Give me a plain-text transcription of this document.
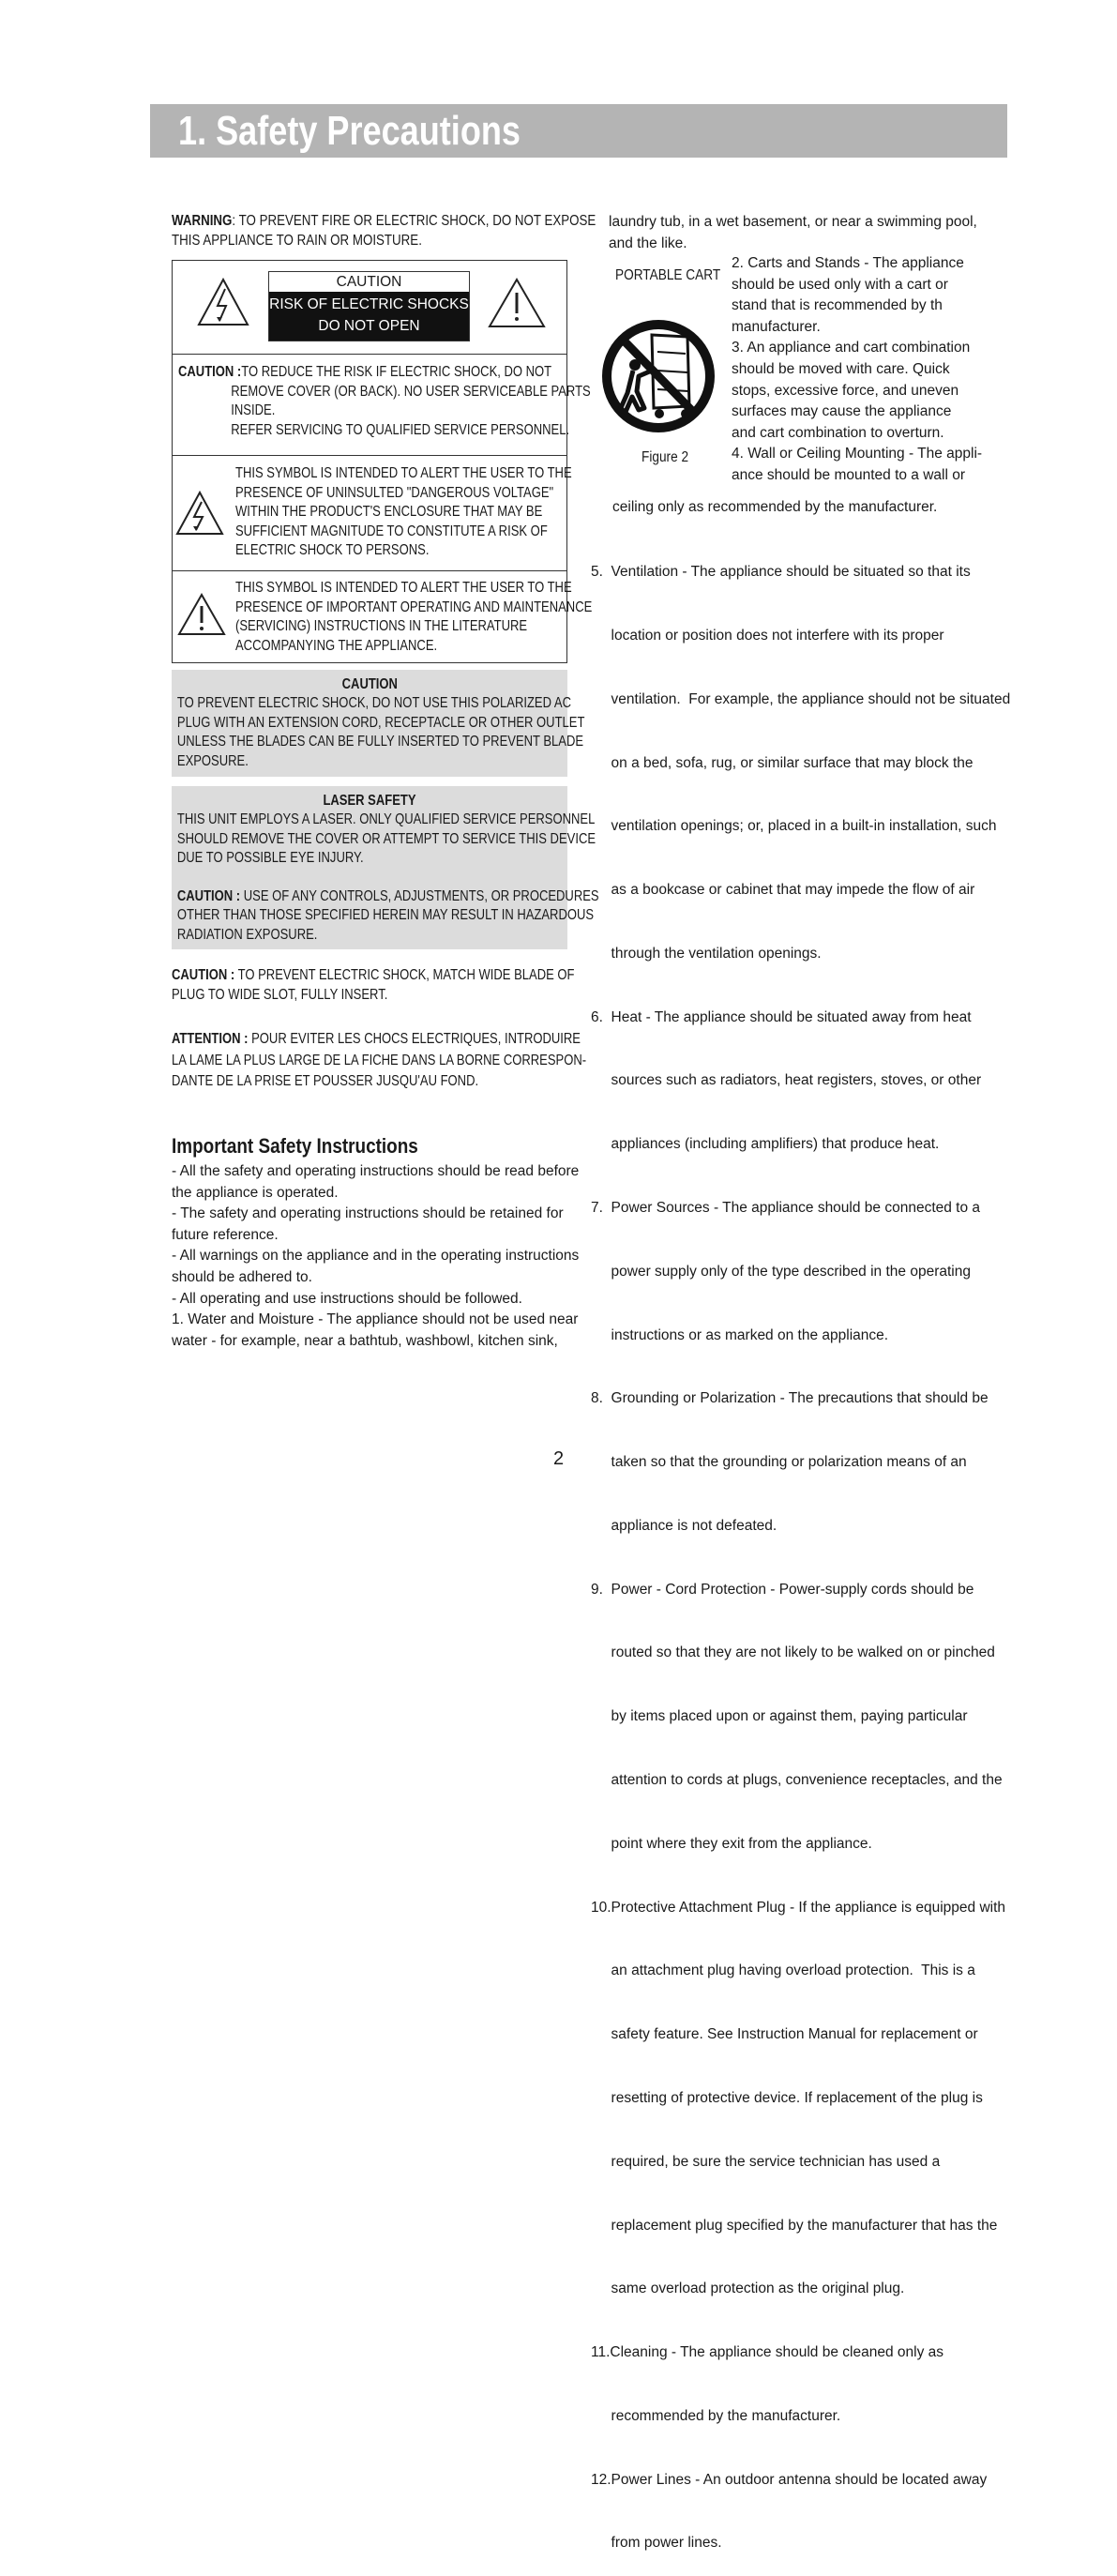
1. Safety Precautions
WARNING: TO PREVENT FIRE OR ELECTRIC SHOCK, DO NOT EXPOSE
THIS APPLIANCE TO RAIN OR MOISTURE.
CAUTION
RISK OF ELECTRIC SHOCKS
DO NOT OPEN
CAUTION :TO REDUCE THE RISK IF ELECTRIC SHOCK, DO NOT
REMOVE COVER (OR BACK). NO USER SERVICEABLE PARTS
INSIDE.
REFER SERVICING TO QUALIFIED SERVICE PERSONNEL.
THIS SYMBOL IS INTENDED TO ALERT THE USER TO THE
PRESENCE OF UNINSULTED "DANGEROUS VOLTAGE"
WITHIN THE PRODUCT'S ENCLOSURE THAT MAY BE
SUFFICIENT MAGNITUDE TO CONSTITUTE A RISK OF
ELECTRIC SHOCK TO PERSONS.
THIS SYMBOL IS INTENDED TO ALERT THE USER TO THE
PRESENCE OF IMPORTANT OPERATING AND MAINTENANCE
(SERVICING) INSTRUCTIONS IN THE LITERATURE
ACCOMPANYING THE APPLIANCE.
CAUTION
TO PREVENT ELECTRIC SHOCK, DO NOT USE THIS POLARIZED AC
PLUG WITH AN EXTENSION CORD, RECEPTACLE OR OTHER OUTLET
UNLESS THE BLADES CAN BE FULLY INSERTED TO PREVENT BLADE
EXPOSURE.
LASER SAFETY
THIS UNIT EMPLOYS A LASER. ONLY QUALIFIED SERVICE PERSONNEL
SHOULD REMOVE THE COVER OR ATTEMPT TO SERVICE THIS DEVICE
DUE TO POSSIBLE EYE INJURY.
CAUTION : USE OF ANY CONTROLS, ADJUSTMENTS, OR PROCEDURES
OTHER THAN THOSE SPECIFIED HEREIN MAY RESULT IN HAZARDOUS
RADIATION EXPOSURE.
CAUTION : TO PREVENT ELECTRIC SHOCK, MATCH WIDE BLADE OF
PLUG TO WIDE SLOT, FULLY INSERT.
ATTENTION : POUR EVITER LES CHOCS ELECTRIQUES, INTRODUIRE
LA LAME LA PLUS LARGE DE LA FICHE DANS LA BORNE CORRESPON-
DANTE DE LA PRISE ET POUSSER JUSQU'AU FOND.
Important Safety Instructions
- All the safety and operating instructions should be read before
the appliance is operated.
- The safety and operating instructions should be retained for
future reference.
- All warnings on the appliance and in the operating instructions
should be adhered to.
- All operating and use instructions should be followed.
1. Water and Moisture - The appliance should not be used near
water - for example, near a bathtub, washbowl, kitchen sink,
laundry tub, in a wet basement, or near a swimming pool,
and the like.
PORTABLE CART
Figure 2
2. Carts and Stands - The appliance
should be used only with a cart or
stand that is recommended by th
manufacturer.
3. An appliance and cart combination
should be moved with care. Quick
stops, excessive force, and uneven
surfaces may cause the appliance
and cart combination to overturn.
4. Wall or Ceiling Mounting - The appli-
ance should be mounted to a wall or
ceiling only as recommended by the manufacturer.

5.  Ventilation - The appliance should be situated so that its

location or position does not interfere with its proper

ventilation.  For example, the appliance should not be situated

on a bed, sofa, rug, or similar surface that may block the

ventilation openings; or, placed in a built-in installation, such

as a bookcase or cabinet that may impede the flow of air

through the ventilation openings.

6.  Heat - The appliance should be situated away from heat

sources such as radiators, heat registers, stoves, or other

appliances (including amplifiers) that produce heat.

7.  Power Sources - The appliance should be connected to a

power supply only of the type described in the operating

instructions or as marked on the appliance.

8.  Grounding or Polarization - The precautions that should be

taken so that the grounding or polarization means of an

appliance is not defeated.

9.  Power - Cord Protection - Power-supply cords should be

routed so that they are not likely to be walked on or pinched

by items placed upon or against them, paying particular

attention to cords at plugs, convenience receptacles, and the

point where they exit from the appliance.

10.Protective Attachment Plug - If the appliance is equipped with

an attachment plug having overload protection.  This is a

safety feature. See Instruction Manual for replacement or

resetting of protective device. If replacement of the plug is

required, be sure the service technician has used a

replacement plug specified by the manufacturer that has the

same overload protection as the original plug.

11.Cleaning - The appliance should be cleaned only as

recommended by the manufacturer.

12.Power Lines - An outdoor antenna should be located away

from power lines.

2
